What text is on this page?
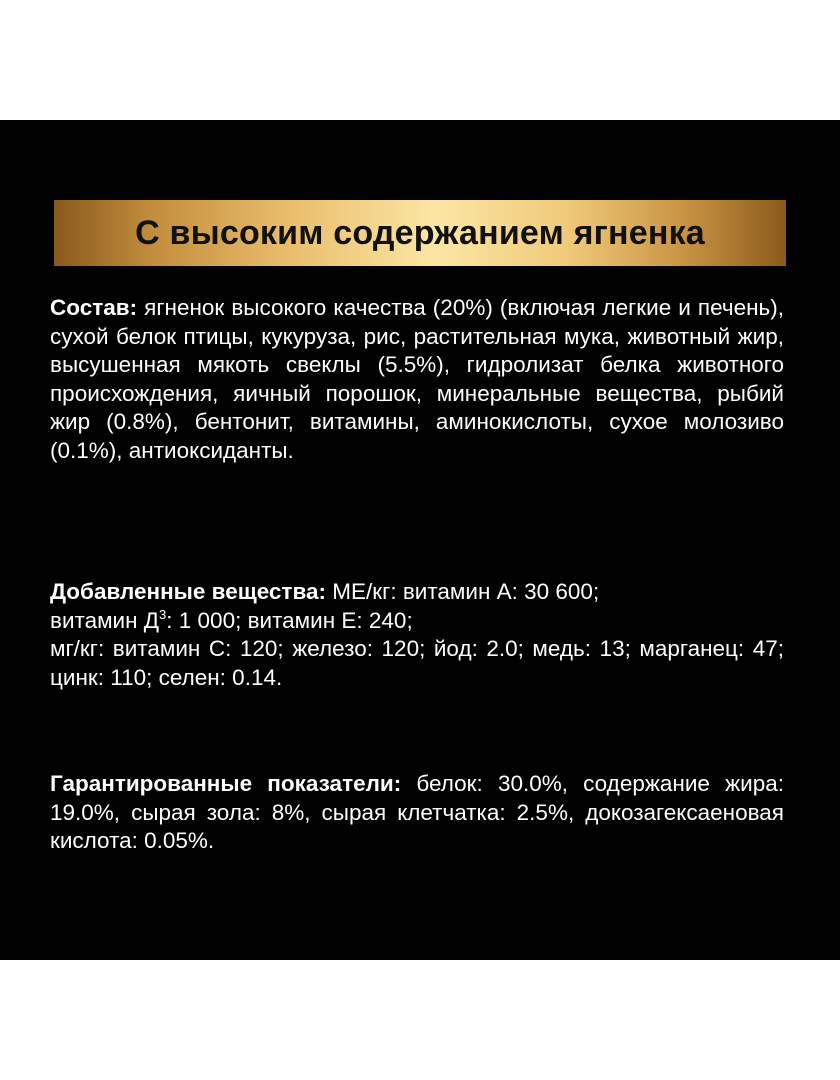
С высоким содержанием ягненка
Состав: ягненок высокого качества (20%) (включая легкие и печень), сухой белок птицы, кукуруза, рис, растительная мука, животный жир, высушенная мякоть свеклы (5.5%), гидролизат белка животного происхождения, яичный порошок, минеральные вещества, рыбий жир (0.8%), бентонит, витамины, аминокислоты, сухое молозиво (0.1%), антиоксиданты.
Добавленные вещества: МЕ/кг: витамин А: 30 600;
витамин $Д^3$: 1 000; витамин Е: 240;
мг/кг: витамин С: 120; железо: 120; йод: 2.0; медь: 13; марганец: 47; цинк: 110; селен: 0.14.
Гарантированные показатели: белок: 30.0%, содержание жира: 19.0%, сырая зола: 8%, сырая клетчатка: 2.5%, докозагексаеновая кислота: 0.05%.
